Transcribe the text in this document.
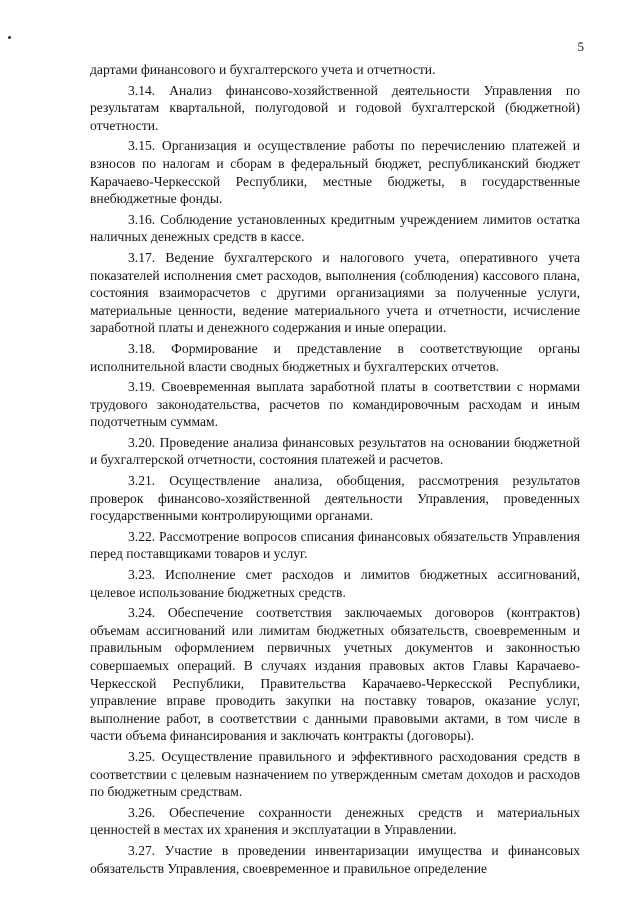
5

дартами финансового и бухгалтерского учета и отчетности.

3.14. Анализ финансово-хозяйственной деятельности Управления по результатам квартальной, полугодовой и годовой бухгалтерской (бюджетной) отчетности.

3.15. Организация и осуществление работы по перечислению платежей и взносов по налогам и сборам в федеральный бюджет, республиканский бюджет Карачаево-Черкесской Республики, местные бюджеты, в государственные внебюджетные фонды.

3.16. Соблюдение установленных кредитным учреждением лимитов остатка наличных денежных средств в кассе.

3.17. Ведение бухгалтерского и налогового учета, оперативного учета показателей исполнения смет расходов, выполнения (соблюдения) кассового плана, состояния взаиморасчетов с другими организациями за полученные услуги, материальные ценности, ведение материального учета и отчетности, исчисление заработной платы и денежного содержания и иные операции.

3.18. Формирование и представление в соответствующие органы исполнительной власти сводных бюджетных и бухгалтерских отчетов.

3.19. Своевременная выплата заработной платы в соответствии с нормами трудового законодательства, расчетов по командировочным расходам и иным подотчетным суммам.

3.20. Проведение анализа финансовых результатов на основании бюджетной и бухгалтерской отчетности, состояния платежей и расчетов.

3.21. Осуществление анализа, обобщения, рассмотрения результатов проверок финансово-хозяйственной деятельности Управления, проведенных государственными контролирующими органами.

3.22. Рассмотрение вопросов списания финансовых обязательств Управления перед поставщиками товаров и услуг.

3.23. Исполнение смет расходов и лимитов бюджетных ассигнований, целевое использование бюджетных средств.

3.24. Обеспечение соответствия заключаемых договоров (контрактов) объемам ассигнований или лимитам бюджетных обязательств, своевременным и правильным оформлением первичных учетных документов и законностью совершаемых операций. В случаях издания правовых актов Главы Карачаево-Черкесской Республики, Правительства Карачаево-Черкесской Республики, управление вправе проводить закупки на поставку товаров, оказание услуг, выполнение работ, в соответствии с данными правовыми актами, в том числе в части объема финансирования и заключать контракты (договоры).

3.25. Осуществление правильного и эффективного расходования средств в соответствии с целевым назначением по утвержденным сметам доходов и расходов по бюджетным средствам.

3.26. Обеспечение сохранности денежных средств и материальных ценностей в местах их хранения и эксплуатации в Управлении.

3.27. Участие в проведении инвентаризации имущества и финансовых обязательств Управления, своевременное и правильное определение
